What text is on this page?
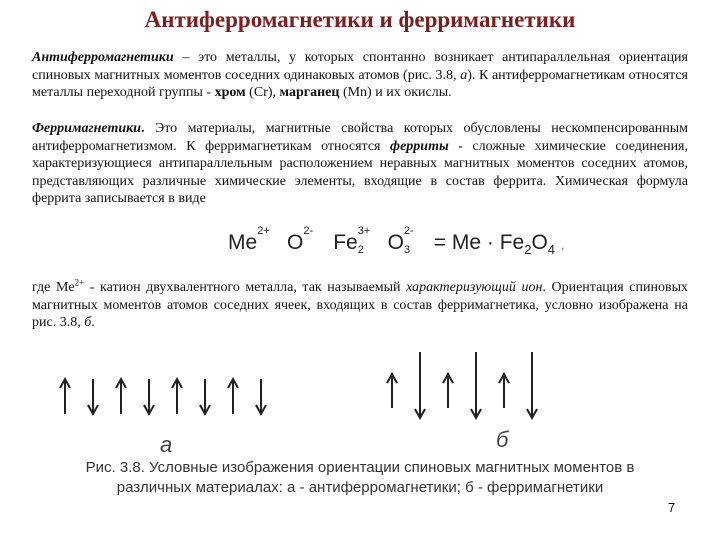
Антиферромагнетики и ферримагнетики
Антиферромагнетики – это металлы, у которых спонтанно возникает антипараллельная ориентация спиновых магнитных моментов соседних одинаковых атомов (рис. 3.8, а). К антиферромагнетикам относятся металлы переходной группы - хром (Cr), марганец (Mn) и их окислы.
Ферримагнетики. Это материалы, магнитные свойства которых обусловлены нескомпенсированным антиферромагнетизмом. К ферримагнетикам относятся ферриты - сложные химические соединения, характеризующиеся антипараллельным расположением неравных магнитных моментов соседних атомов, представляющих различные химические элементы, входящие в состав феррита. Химическая формула феррита записывается в виде
Me 2+ O 2- Fe 3+
2 O 2-
$3 = Me \cdot Fe_2O_4$ ,
где $Me^{2+}$ - катион двухвалентного металла, так называемый характеризующий ион. Ориентация спиновых магнитных моментов атомов соседних ячеек, входящих в состав ферримагнетика, условно изображена на рис. 3.8, б.
а	б
Рис. 3.8. Условные изображения ориентации спиновых магнитных моментов в
различных материалах: а - антиферромагнетики; б - ферримагнетики
7
